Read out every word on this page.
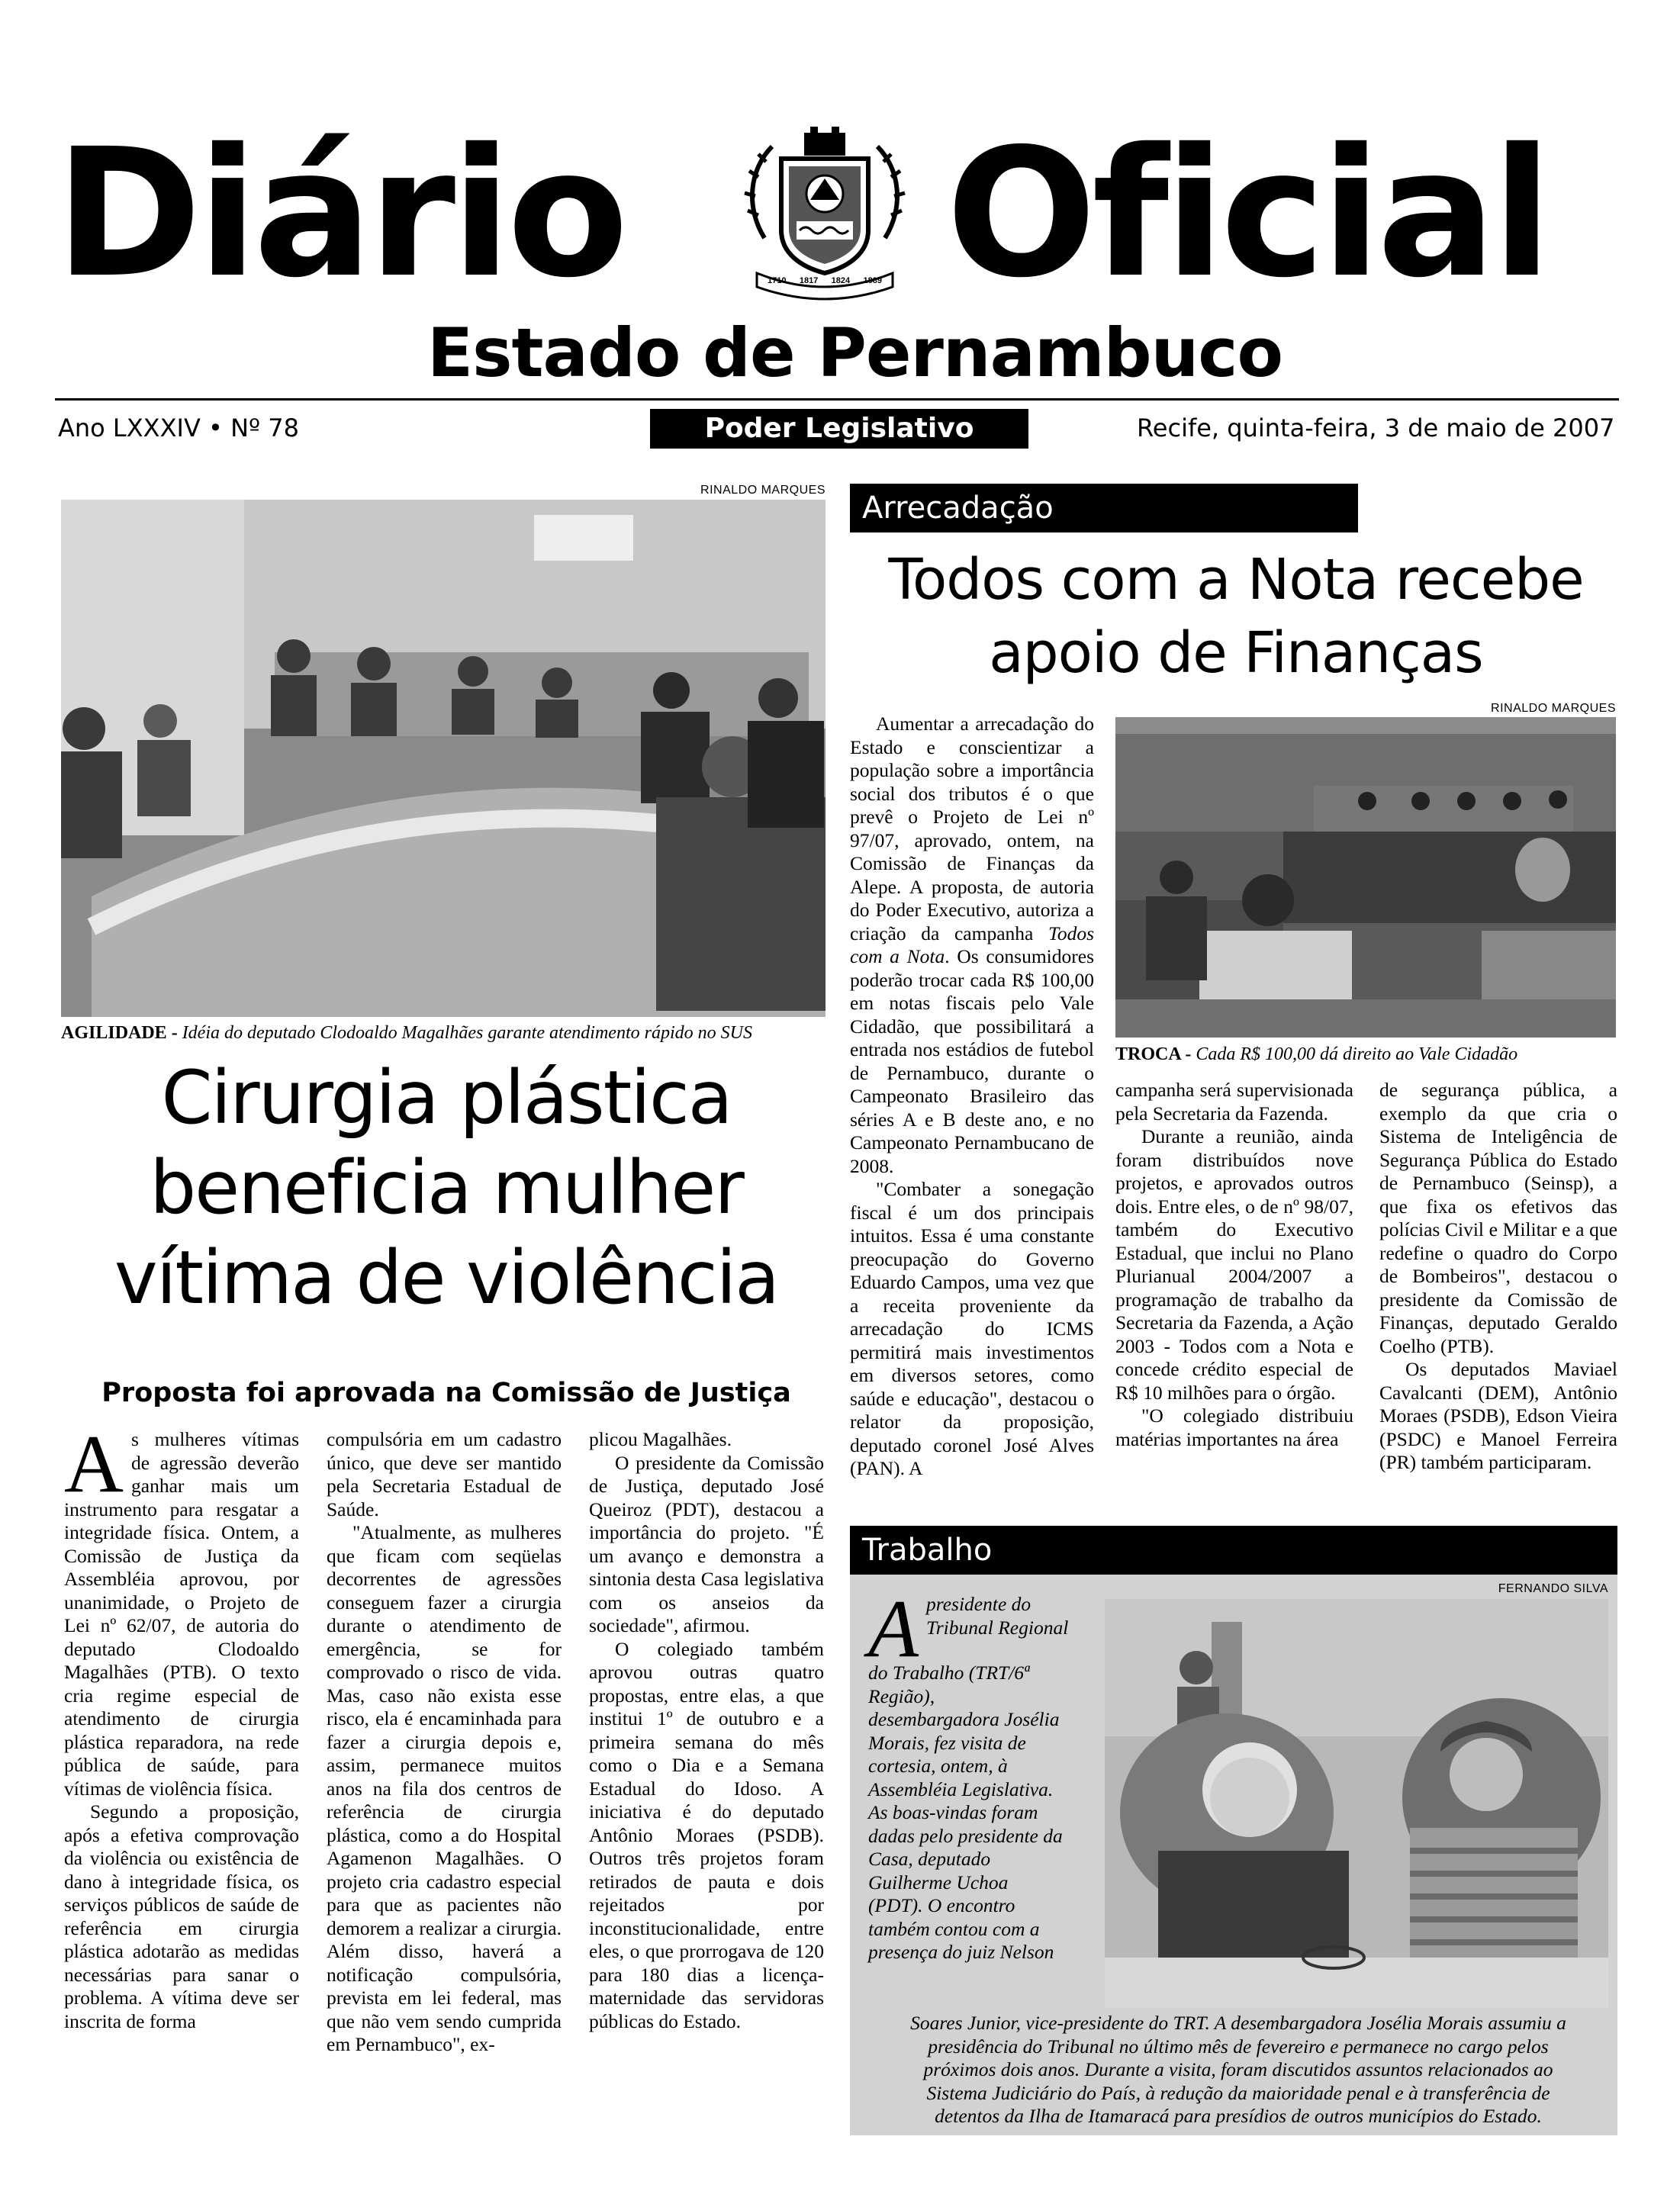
Diário	1710 1817 1824 1889 Oficial
Estado de Pernambuco
Ano LXXXIV • Nº 78	Poder Legislativo	Recife, quinta-feira, 3 de maio de 2007
RINALDO MARQUES
AGILIDADE - Idéia do deputado Clodoaldo Magalhães garante atendimento rápido no SUS
Cirurgia plástica
beneficia mulher
vítima de violência
Proposta foi aprovada na Comissão de Justiça

As mulheres vítimas de agressão deverão ganhar mais um instrumento para resgatar a integridade física. Ontem, a Comissão de Justiça da Assembléia aprovou, por unanimidade, o Projeto de Lei nº 62/07, de autoria do deputado Clodoaldo Magalhães (PTB). O texto cria regime especial de atendimento de cirurgia plástica reparadora, na rede pública de saúde, para vítimas de violência física.

Segundo a proposição, após a efetiva comprovação da violência ou existência de dano à integridade física, os serviços públicos de saúde de referência em cirurgia plástica adotarão as medidas necessárias para sanar o problema. A vítima deve ser inscrita de forma

compulsória em um cadastro único, que deve ser mantido pela Secretaria Estadual de Saúde.

"Atualmente, as mulheres que ficam com seqüelas decorrentes de agressões conseguem fazer a cirurgia durante o atendimento de emergência, se for comprovado o risco de vida. Mas, caso não exista esse risco, ela é encaminhada para fazer a cirurgia depois e, assim, permanece muitos anos na fila dos centros de referência de cirurgia plástica, como a do Hospital Agamenon Magalhães. O projeto cria cadastro especial para que as pacientes não demorem a realizar a cirurgia. Além disso, haverá a notificação compulsória, prevista em lei federal, mas que não vem sendo cumprida em Pernambuco", ex-

plicou Magalhães.

O presidente da Comissão de Justiça, deputado José Queiroz (PDT), destacou a importância do projeto. "É um avanço e demonstra a sintonia desta Casa legislativa com os anseios da sociedade", afirmou.

O colegiado também aprovou outras quatro propostas, entre elas, a que institui 1º de outubro e a primeira semana do mês como o Dia e a Semana Estadual do Idoso. A iniciativa é do deputado Antônio Moraes (PSDB). Outros três projetos foram retirados de pauta e dois rejeitados por inconstitucionalidade, entre eles, o que prorrogava de 120 para 180 dias a licença-maternidade das servidoras públicas do Estado.

Arrecadação
Todos com a Nota recebe
apoio de Finanças

Aumentar a arrecadação do Estado e conscientizar a população sobre a importância social dos tributos é o que prevê o Projeto de Lei nº 97/07, aprovado, ontem, na Comissão de Finanças da Alepe. A proposta, de autoria do Poder Executivo, autoriza a criação da campanha Todos com a Nota. Os consumidores poderão trocar cada R$ 100,00 em notas fiscais pelo Vale Cidadão, que possibilitará a entrada nos estádios de futebol de Pernambuco, durante o Campeonato Brasileiro das séries A e B deste ano, e no Campeonato Pernambucano de 2008.

"Combater a sonegação fiscal é um dos principais intuitos. Essa é uma constante preocupação do Governo Eduardo Campos, uma vez que a receita proveniente da arrecadação do ICMS permitirá mais investimentos em diversos setores, como saúde e educação", destacou o relator da proposição, deputado coronel José Alves (PAN). A

RINALDO MARQUES
TROCA - Cada R$ 100,00 dá direito ao Vale Cidadão

campanha será supervisionada pela Secretaria da Fazenda.

Durante a reunião, ainda foram distribuídos nove projetos, e aprovados outros dois. Entre eles, o de nº 98/07, também do Executivo Estadual, que inclui no Plano Plurianual 2004/2007 a programação de trabalho da Secretaria da Fazenda, a Ação 2003 - Todos com a Nota e concede crédito especial de R$ 10 milhões para o órgão.

"O colegiado distribuiu matérias importantes na área

de segurança pública, a exemplo da que cria o Sistema de Inteligência de Segurança Pública do Estado de Pernambuco (Seinsp), a que fixa os efetivos das polícias Civil e Militar e a que redefine o quadro do Corpo de Bombeiros", destacou o presidente da Comissão de Finanças, deputado Geraldo Coelho (PTB).

Os deputados Maviael Cavalcanti (DEM), Antônio Moraes (PSDB), Edson Vieira (PSDC) e Manoel Ferreira (PR) também participaram.

Trabalho
FERNANDO SILVA
A presidente do
Tribunal Regional
do Trabalho (TRT/6ª
Região),
desembargadora Josélia
Morais, fez visita de
cortesia, ontem, à
Assembléia Legislativa.
As boas-vindas foram
dadas pelo presidente da
Casa, deputado
Guilherme Uchoa
(PDT). O encontro
também contou com a
presença do juiz Nelson
Soares Junior, vice-presidente do TRT. A desembargadora Josélia Morais assumiu a
presidência do Tribunal no último mês de fevereiro e permanece no cargo pelos
próximos dois anos. Durante a visita, foram discutidos assuntos relacionados ao
Sistema Judiciário do País, à redução da maioridade penal e à transferência de
detentos da Ilha de Itamaracá para presídios de outros municípios do Estado.
